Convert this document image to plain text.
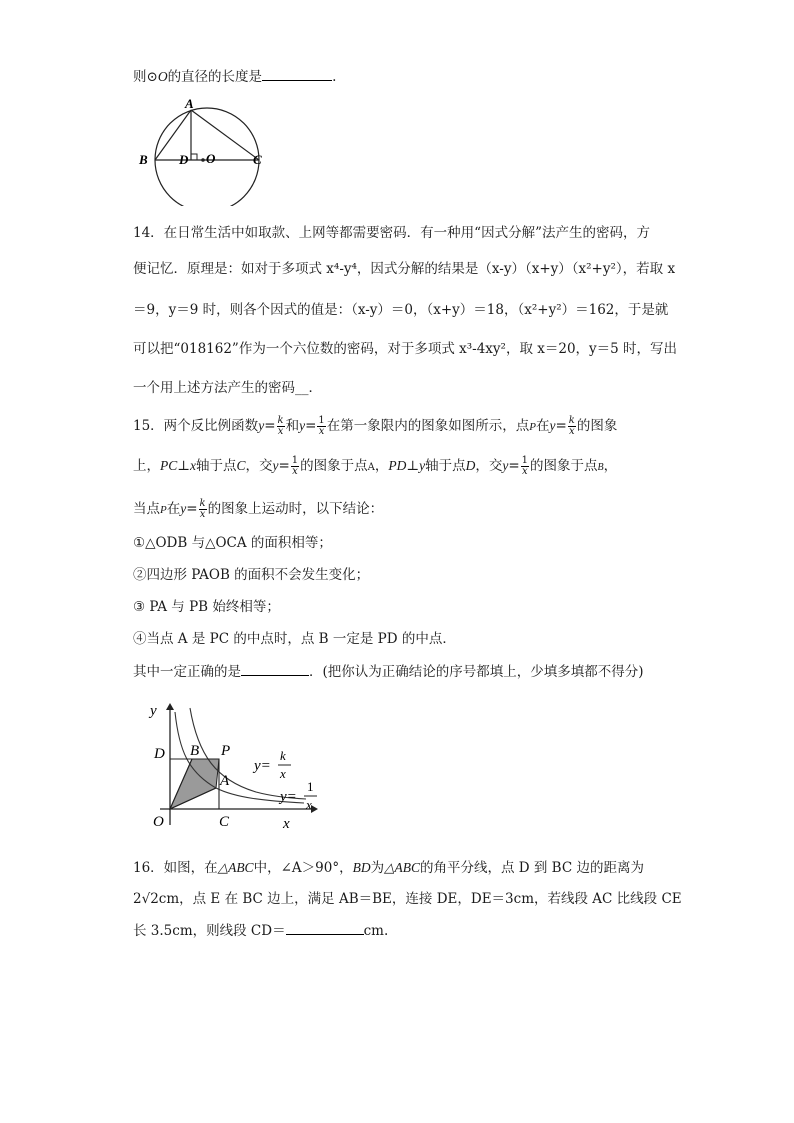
则⊙O的直径的长度是	.
A
B	C
D O
14．在日常生活中如取款、上网等都需要密码．有一种用“因式分解”法产生的密码，方
便记忆．原理是：如对于多项式 x⁴-y⁴，因式分解的结果是（x-y）（x+y）（x²+y²），若取 x
＝9，y＝9 时，则各个因式的值是：（x-y）＝0，（x+y）＝18，（x²+y²）＝162，于是就
可以把“018162”作为一个六位数的密码，对于多项式 x³-4xy²，取 x＝20，y＝5 时，写出
一个用上述方法产生的密码__．
15．两个反比例函数$y= \frac{k}{x}$ 和$y= \frac{1}{x}$ 在第一象限内的图象如图所示，点P在$y= \frac{k}{x}$ 的图象
上，PC⊥x轴于点C，交$y= \frac{1}{x}$ 的图象于点A，PD⊥y轴于点D，交$y= \frac{1}{x}$ 的图象于点B，
当点P在$y= \frac{k}{x}$ 的图象上运动时，以下结论：
①△ODB 与△OCA 的面积相等；
②四边形 PAOB 的面积不会发生变化；
③ PA 与 PB 始终相等；
④当点 A 是 PC 的中点时，点 B 一定是 PD 的中点．
其中一定正确的是	．(把你认为正确结论的序号都填上，少填多填都不得分)
y
x
O	C
D B P
A
y=
k
x
y=
1
x
16．如图，在△ABC中，∠A＞90°，BD为△ABC的角平分线，点 D 到 BC 边的距离为
2√2cm，点 E 在 BC 边上，满足 AB＝BE，连接 DE，DE＝3cm，若线段 AC 比线段 CE
长 3.5cm，则线段 CD＝	cm.
